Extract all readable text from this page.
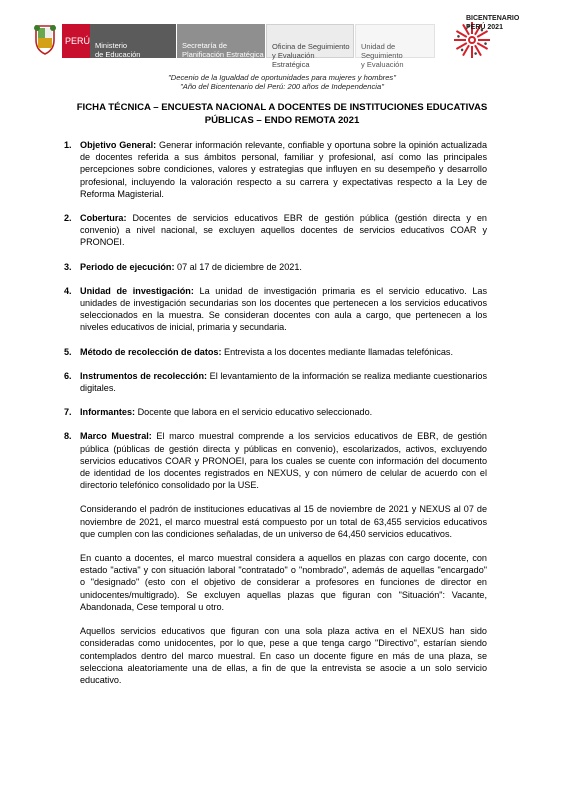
PERÚ Ministerio
de Educación

Secretaría de
Planificación Estratégica

Oficina de Seguimiento
y Evaluación Estratégica

Unidad de Seguimiento
y Evaluación

BICENTENARIO
PERÚ 2021
"Decenio de la Igualdad de oportunidades para mujeres y hombres"
"Año del Bicentenario del Perú: 200 años de Independencia"
FICHA TÉCNICA – ENCUESTA NACIONAL A DOCENTES DE INSTITUCIONES EDUCATIVAS PÚBLICAS – ENDO REMOTA 2021
1. Objetivo General: Generar información relevante, confiable y oportuna sobre la opinión actualizada de docentes referida a sus ámbitos personal, familiar y profesional, así como las principales percepciones sobre condiciones, valores y estrategias que influyen en su desempeño y desarrollo profesional, incluyendo la valoración respecto a su carrera y expectativas respecto a la Ley de Reforma Magisterial.
2. Cobertura: Docentes de servicios educativos EBR de gestión pública (gestión directa y en convenio) a nivel nacional, se excluyen aquellos docentes de servicios educativos COAR y PRONOEI.
3. Periodo de ejecución: 07 al 17 de diciembre de 2021.
4. Unidad de investigación: La unidad de investigación primaria es el servicio educativo. Las unidades de investigación secundarias son los docentes que pertenecen a los servicios educativos seleccionados en la muestra. Se consideran docentes con aula a cargo, que pertenecen a los niveles educativos de inicial, primaria y secundaria.
5. Método de recolección de datos: Entrevista a los docentes mediante llamadas telefónicas.
6. Instrumentos de recolección: El levantamiento de la información se realiza mediante cuestionarios digitales.
7. Informantes: Docente que labora en el servicio educativo seleccionado.
8. Marco Muestral: El marco muestral comprende a los servicios educativos de EBR, de gestión pública (públicas de gestión directa y públicas en convenio), escolarizados, activos, excluyendo servicios educativos COAR y PRONOEI, para los cuales se cuente con información del documento de identidad de los docentes registrados en NEXUS, y con número de celular de acuerdo con el directorio telefónico consolidado por la USE.
Considerando el padrón de instituciones educativas al 15 de noviembre de 2021 y NEXUS al 07 de noviembre de 2021, el marco muestral está compuesto por un total de 63,455 servicios educativos que cumplen con las condiciones señaladas, de un universo de 64,450 servicios educativos.
En cuanto a docentes, el marco muestral considera a aquellos en plazas con cargo docente, con estado "activa" y con situación laboral "contratado" o "nombrado", además de aquellas "encargado" o "designado" (esto con el objetivo de considerar a profesores en funciones de director en unidocentes/multigrado). Se excluyen aquellas plazas que figuran con "Situación": Vacante, Abandonada, Cese temporal u otro.
Aquellos servicios educativos que figuran con una sola plaza activa en el NEXUS han sido consideradas como unidocentes, por lo que, pese a que tenga cargo "Directivo", estarían siendo contemplados dentro del marco muestral. En caso un docente figure en más de una plaza, se selecciona aleatoriamente una de ellas, a fin de que la entrevista se asocie a un solo servicio educativo.
